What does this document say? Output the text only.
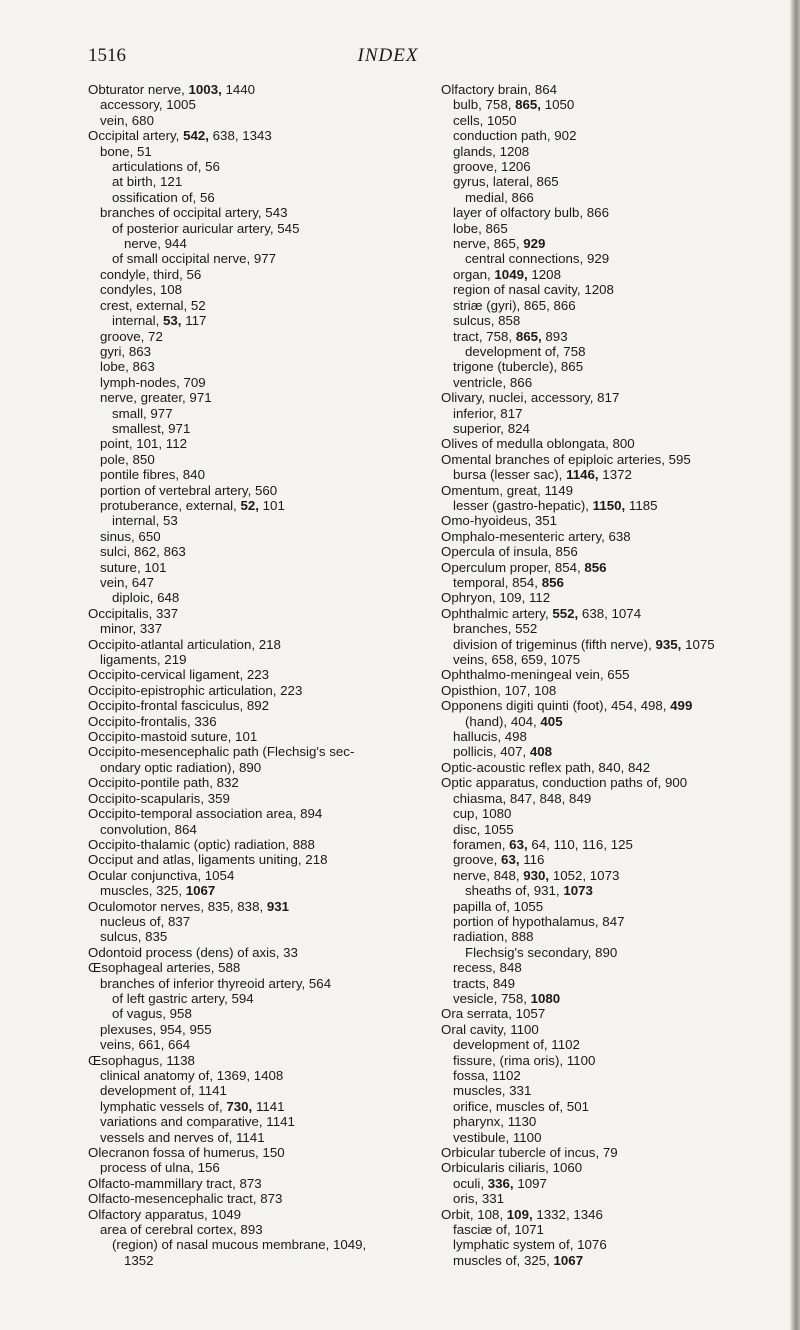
1516	INDEX
Obturator nerve, 1003, 1440
accessory, 1005
vein, 680
Occipital artery, 542, 638, 1343
bone, 51
articulations of, 56
at birth, 121
ossification of, 56
branches of occipital artery, 543
of posterior auricular artery, 545
nerve, 944
of small occipital nerve, 977
condyle, third, 56
condyles, 108
crest, external, 52
internal, 53, 117
groove, 72
gyri, 863
lobe, 863
lymph-nodes, 709
nerve, greater, 971
small, 977
smallest, 971
point, 101, 112
pole, 850
pontile fibres, 840
portion of vertebral artery, 560
protuberance, external, 52, 101
internal, 53
sinus, 650
sulci, 862, 863
suture, 101
vein, 647
diploic, 648
Occipitalis, 337
minor, 337
Occipito-atlantal articulation, 218
ligaments, 219
Occipito-cervical ligament, 223
Occipito-epistrophic articulation, 223
Occipito-frontal fasciculus, 892
Occipito-frontalis, 336
Occipito-mastoid suture, 101
Occipito-mesencephalic path (Flechsig's sec-
ondary optic radiation), 890
Occipito-pontile path, 832
Occipito-scapularis, 359
Occipito-temporal association area, 894
convolution, 864
Occipito-thalamic (optic) radiation, 888
Occiput and atlas, ligaments uniting, 218
Ocular conjunctiva, 1054
muscles, 325, 1067
Oculomotor nerves, 835, 838, 931
nucleus of, 837
sulcus, 835
Odontoid process (dens) of axis, 33
Œsophageal arteries, 588
branches of inferior thyreoid artery, 564
of left gastric artery, 594
of vagus, 958
plexuses, 954, 955
veins, 661, 664
Œsophagus, 1138
clinical anatomy of, 1369, 1408
development of, 1141
lymphatic vessels of, 730, 1141
variations and comparative, 1141
vessels and nerves of, 1141
Olecranon fossa of humerus, 150
process of ulna, 156
Olfacto-mammillary tract, 873
Olfacto-mesencephalic tract, 873
Olfactory apparatus, 1049
area of cerebral cortex, 893
(region) of nasal mucous membrane, 1049,
1352
Olfactory brain, 864
bulb, 758, 865, 1050
cells, 1050
conduction path, 902
glands, 1208
groove, 1206
gyrus, lateral, 865
medial, 866
layer of olfactory bulb, 866
lobe, 865
nerve, 865, 929
central connections, 929
organ, 1049, 1208
region of nasal cavity, 1208
striæ (gyri), 865, 866
sulcus, 858
tract, 758, 865, 893
development of, 758
trigone (tubercle), 865
ventricle, 866
Olivary, nuclei, accessory, 817
inferior, 817
superior, 824
Olives of medulla oblongata, 800
Omental branches of epiploic arteries, 595
bursa (lesser sac), 1146, 1372
Omentum, great, 1149
lesser (gastro-hepatic), 1150, 1185
Omo-hyoideus, 351
Omphalo-mesenteric artery, 638
Opercula of insula, 856
Operculum proper, 854, 856
temporal, 854, 856
Ophryon, 109, 112
Ophthalmic artery, 552, 638, 1074
branches, 552
division of trigeminus (fifth nerve), 935, 1075
veins, 658, 659, 1075
Ophthalmo-meningeal vein, 655
Opisthion, 107, 108
Opponens digiti quinti (foot), 454, 498, 499
(hand), 404, 405
hallucis, 498
pollicis, 407, 408
Optic-acoustic reflex path, 840, 842
Optic apparatus, conduction paths of, 900
chiasma, 847, 848, 849
cup, 1080
disc, 1055
foramen, 63, 64, 110, 116, 125
groove, 63, 116
nerve, 848, 930, 1052, 1073
sheaths of, 931, 1073
papilla of, 1055
portion of hypothalamus, 847
radiation, 888
Flechsig's secondary, 890
recess, 848
tracts, 849
vesicle, 758, 1080
Ora serrata, 1057
Oral cavity, 1100
development of, 1102
fissure, (rima oris), 1100
fossa, 1102
muscles, 331
orifice, muscles of, 501
pharynx, 1130
vestibule, 1100
Orbicular tubercle of incus, 79
Orbicularis ciliaris, 1060
oculi, 336, 1097
oris, 331
Orbit, 108, 109, 1332, 1346
fasciæ of, 1071
lymphatic system of, 1076
muscles of, 325, 1067
